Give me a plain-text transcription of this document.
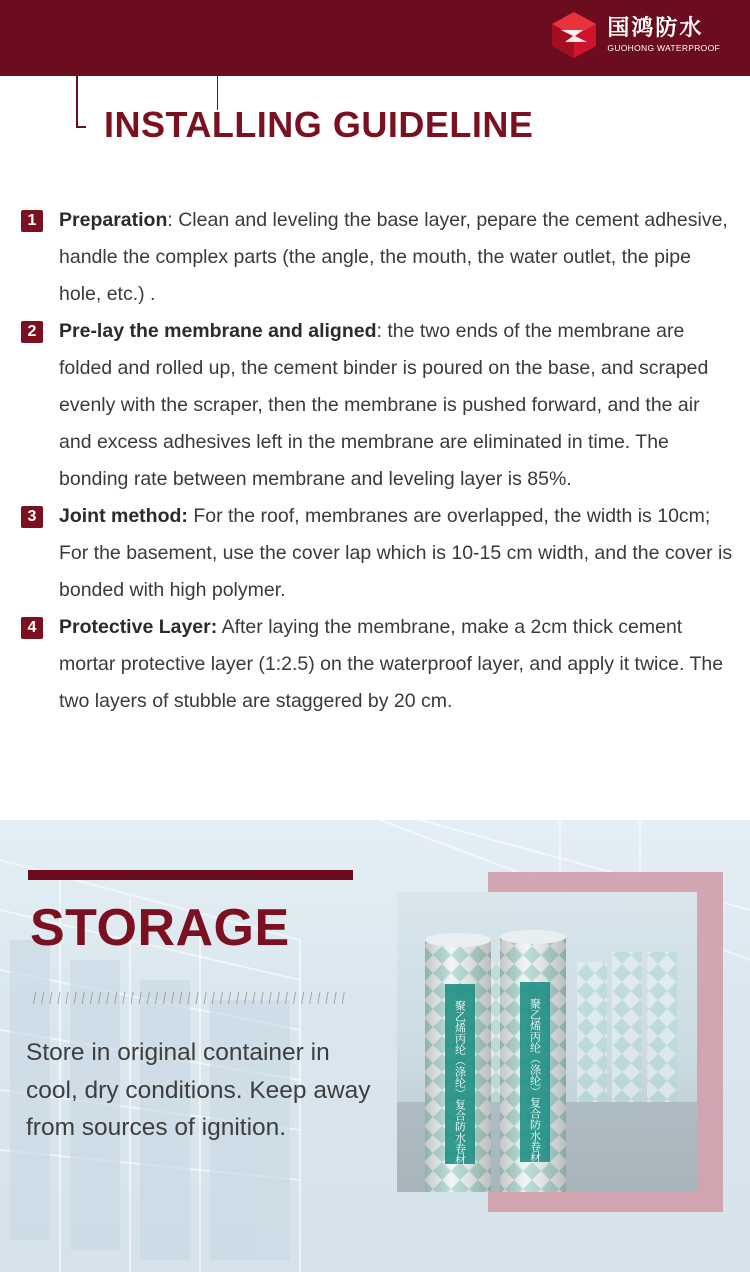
国鸿防水
GUOHONG WATERPROOF
INSTALLING GUIDELINE
1	Preparation: Clean and leveling the base layer, pepare the cement adhesive, handle the complex parts (the angle, the mouth, the water outlet, the pipe hole, etc.) .

2	Pre-lay the membrane and aligned: the two ends of the membrane are folded and rolled up, the cement binder is poured on the base, and scraped evenly with the scraper, then the membrane is pushed forward, and the air and excess adhesives left in the membrane are eliminated in time. The bonding rate between membrane and leveling layer is 85%.

3	Joint method: For the roof, membranes are overlapped, the width is 10cm; For the basement, use the cover lap which is 10-15 cm width, and the cover is bonded with high polymer.

4	Protective Layer: After laying the membrane, make a 2cm thick cement mortar protective layer (1:2.5) on the waterproof layer, and apply it twice. The two layers of stubble are staggered by 20 cm.

STORAGE

Store in original container in cool, dry conditions. Keep away from sources of ignition.	聚乙烯丙纶（涤纶）复合防水卷材	聚乙烯丙纶（涤纶）复合防水卷材
